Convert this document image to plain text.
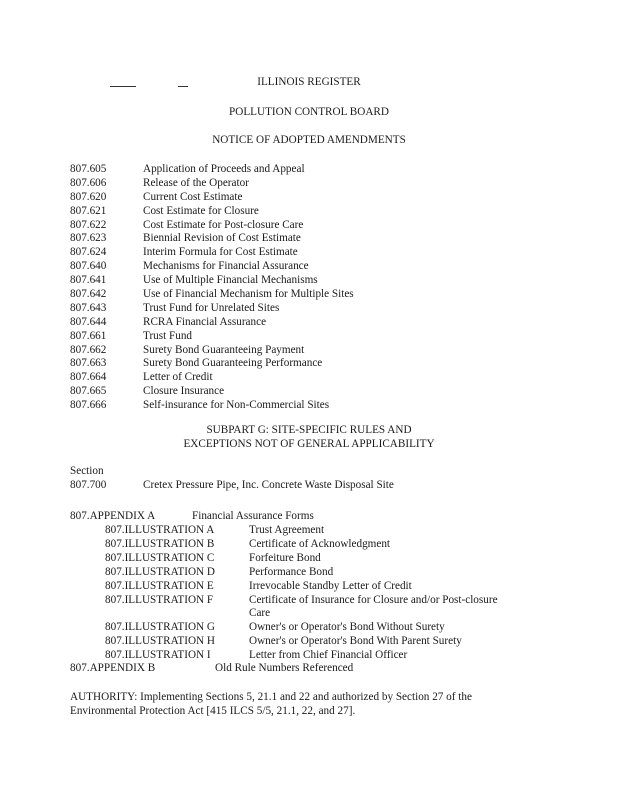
ILLINOIS REGISTER
POLLUTION CONTROL BOARD
NOTICE OF ADOPTED AMENDMENTS
807.605	Application of Proceeds and Appeal
807.606	Release of the Operator
807.620	Current Cost Estimate
807.621	Cost Estimate for Closure
807.622	Cost Estimate for Post-closure Care
807.623	Biennial Revision of Cost Estimate
807.624	Interim Formula for Cost Estimate
807.640	Mechanisms for Financial Assurance
807.641	Use of Multiple Financial Mechanisms
807.642	Use of Financial Mechanism for Multiple Sites
807.643	Trust Fund for Unrelated Sites
807.644	RCRA Financial Assurance
807.661	Trust Fund
807.662	Surety Bond Guaranteeing Payment
807.663	Surety Bond Guaranteeing Performance
807.664	Letter of Credit
807.665	Closure Insurance
807.666	Self-insurance for Non-Commercial Sites
SUBPART G: SITE-SPECIFIC RULES AND
EXCEPTIONS NOT OF GENERAL APPLICABILITY
Section
807.700	Cretex Pressure Pipe, Inc. Concrete Waste Disposal Site
807.APPENDIX A	Financial Assurance Forms
807.ILLUSTRATION A	Trust Agreement
807.ILLUSTRATION B	Certificate of Acknowledgment
807.ILLUSTRATION C	Forfeiture Bond
807.ILLUSTRATION D	Performance Bond
807.ILLUSTRATION E	Irrevocable Standby Letter of Credit
807.ILLUSTRATION F	Certificate of Insurance for Closure and/or Post-closure Care
807.ILLUSTRATION G	Owner's or Operator's Bond Without Surety
807.ILLUSTRATION H	Owner's or Operator's Bond With Parent Surety
807.ILLUSTRATION I	Letter from Chief Financial Officer
807.APPENDIX B	Old Rule Numbers Referenced
AUTHORITY: Implementing Sections 5, 21.1 and 22 and authorized by Section 27 of the Environmental Protection Act [415 ILCS 5/5, 21.1, 22, and 27].
